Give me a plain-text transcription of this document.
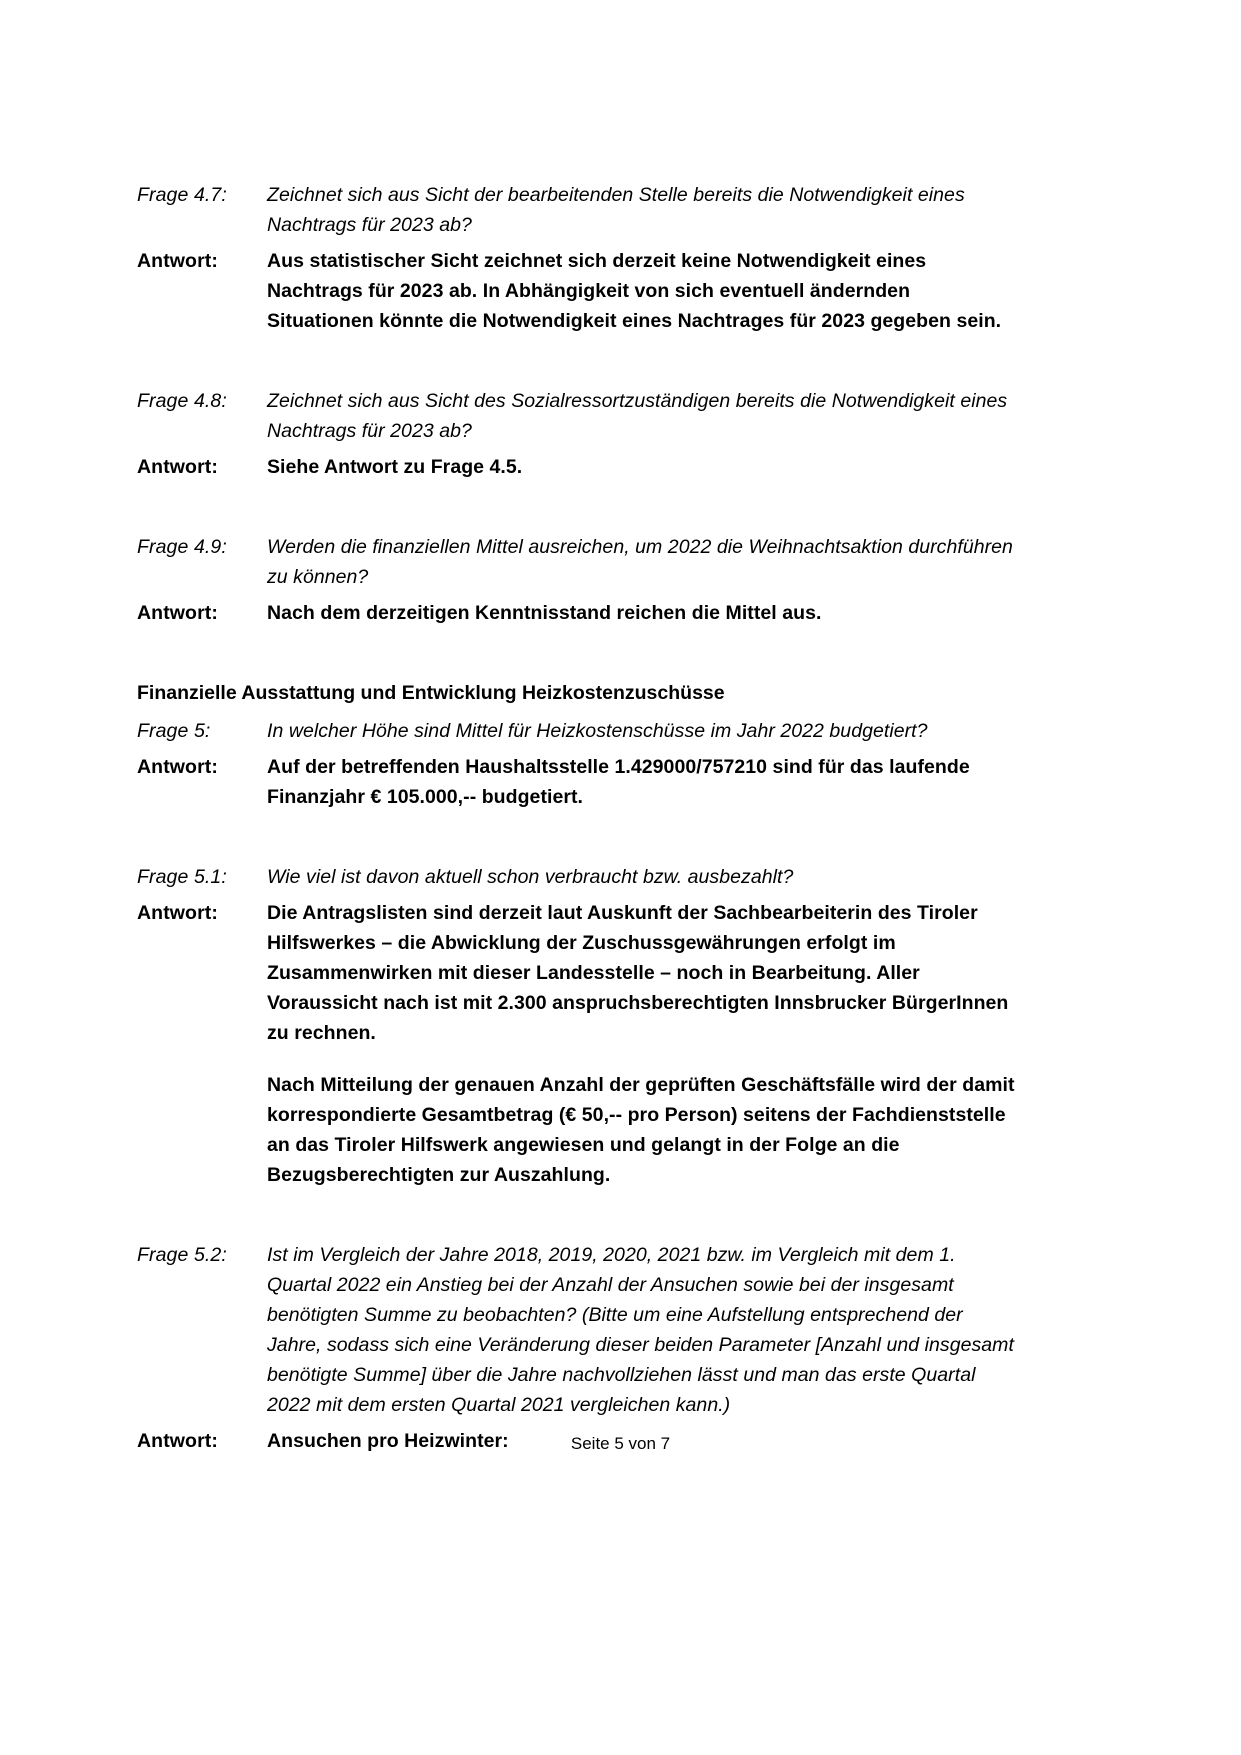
Frage 4.7:	Zeichnet sich aus Sicht der bearbeitenden Stelle bereits die Notwendigkeit eines Nachtrags für 2023 ab?
Antwort:	Aus statistischer Sicht zeichnet sich derzeit keine Notwendigkeit eines Nachtrags für 2023 ab. In Abhängigkeit von sich eventuell ändernden Situationen könnte die Notwendigkeit eines Nachtrages für 2023 gegeben sein.

Frage 4.8:	Zeichnet sich aus Sicht des Sozialressortzuständigen bereits die Notwendigkeit eines Nachtrags für 2023 ab?
Antwort:	Siehe Antwort zu Frage 4.5.

Frage 4.9:	Werden die finanziellen Mittel ausreichen, um 2022 die Weihnachtsaktion durchführen zu können?
Antwort:	Nach dem derzeitigen Kenntnisstand reichen die Mittel aus.

Finanzielle Ausstattung und Entwicklung Heizkostenzuschüsse
Frage 5:	In welcher Höhe sind Mittel für Heizkostenschüsse im Jahr 2022 budgetiert?
Antwort:	Auf der betreffenden Haushaltsstelle 1.429000/757210 sind für das laufende Finanzjahr € 105.000,-- budgetiert.

Frage 5.1:	Wie viel ist davon aktuell schon verbraucht bzw. ausbezahlt?
Antwort:	Die Antragslisten sind derzeit laut Auskunft der Sachbearbeiterin des Tiroler Hilfswerkes – die Abwicklung der Zuschussgewährungen erfolgt im Zusammenwirken mit dieser Landesstelle – noch in Bearbeitung. Aller Voraussicht nach ist mit 2.300 anspruchsberechtigten Innsbrucker BürgerInnen zu rechnen.

Nach Mitteilung der genauen Anzahl der geprüften Geschäftsfälle wird der damit korrespondierte Gesamtbetrag (€ 50,-- pro Person) seitens der Fachdienststelle an das Tiroler Hilfswerk angewiesen und gelangt in der Folge an die Bezugsberechtigten zur Auszahlung.

Frage 5.2:	Ist im Vergleich der Jahre 2018, 2019, 2020, 2021 bzw. im Vergleich mit dem 1. Quartal 2022 ein Anstieg bei der Anzahl der Ansuchen sowie bei der insgesamt benötigten Summe zu beobachten? (Bitte um eine Aufstellung entsprechend der Jahre, sodass sich eine Veränderung dieser beiden Parameter [Anzahl und insgesamt benötigte Summe] über die Jahre nachvollziehen lässt und man das erste Quartal 2022 mit dem ersten Quartal 2021 vergleichen kann.)
Antwort:	Ansuchen pro Heizwinter:	Seite 5 von 7
